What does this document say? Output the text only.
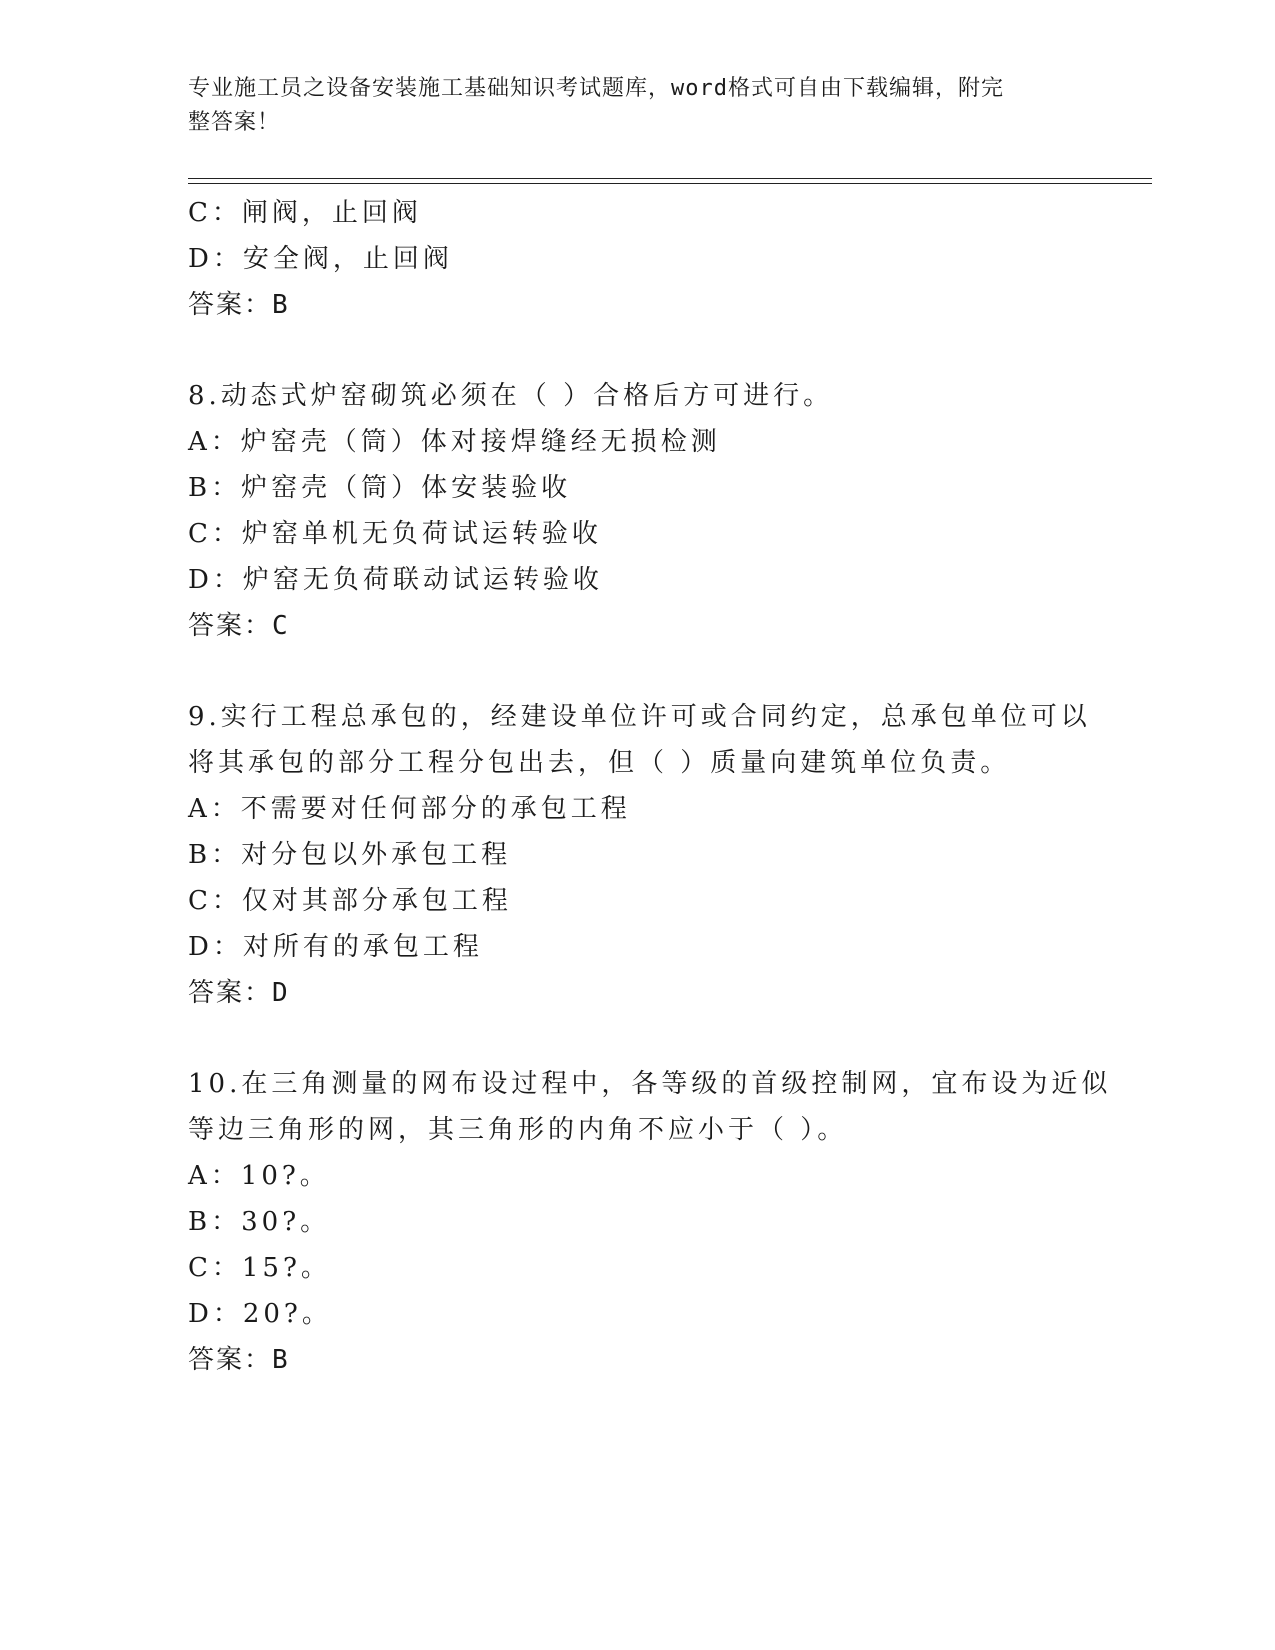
专业施工员之设备安装施工基础知识考试题库，word格式可自由下载编辑，附完
整答案！
C：闸阀，止回阀
D：安全阀，止回阀
答案：B
8.动态式炉窑砌筑必须在（ ）合格后方可进行。
A：炉窑壳（筒）体对接焊缝经无损检测
B：炉窑壳（筒）体安装验收
C：炉窑单机无负荷试运转验收
D：炉窑无负荷联动试运转验收
答案：C
9.实行工程总承包的，经建设单位许可或合同约定，总承包单位可以
将其承包的部分工程分包出去，但（ ）质量向建筑单位负责。
A：不需要对任何部分的承包工程
B：对分包以外承包工程
C：仅对其部分承包工程
D：对所有的承包工程
答案：D
10.在三角测量的网布设过程中，各等级的首级控制网，宜布设为近似
等边三角形的网，其三角形的内角不应小于（ ）。
A：10?。
B：30?。
C：15?。
D：20?。
答案：B
